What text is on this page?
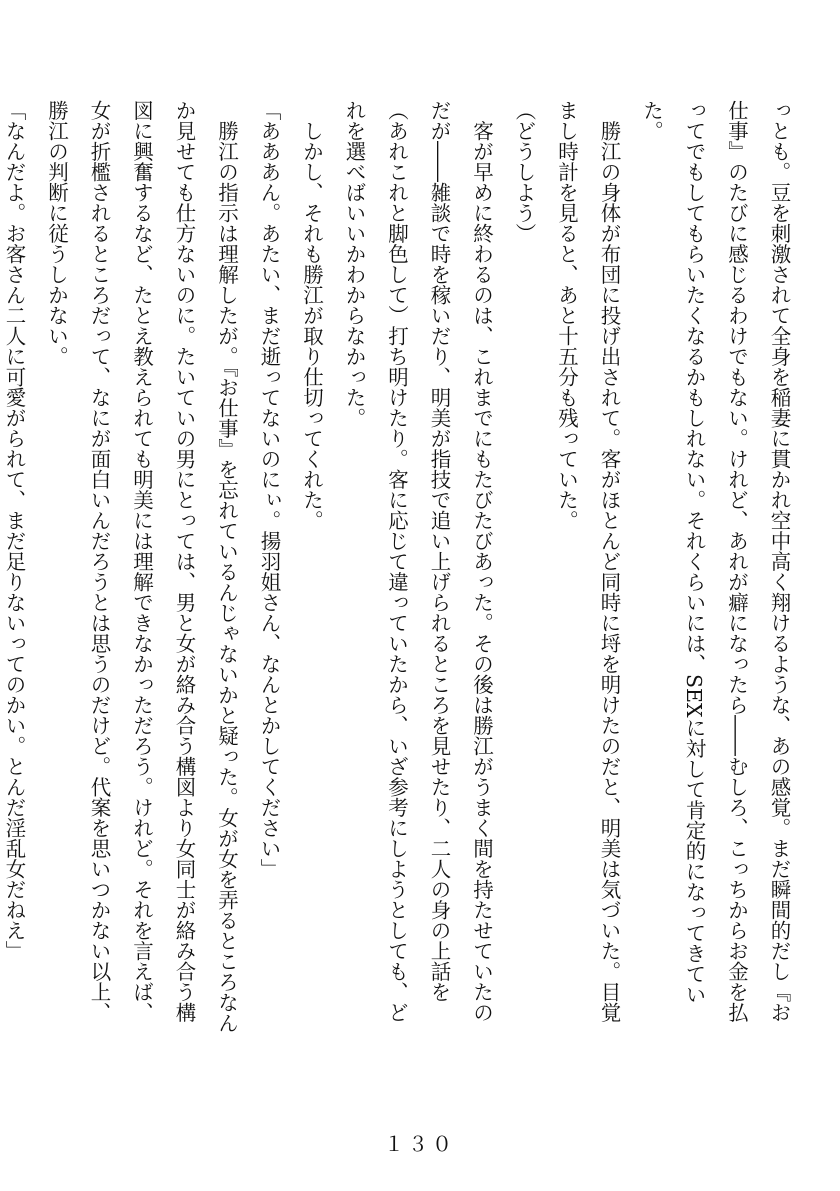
っとも。豆を刺激されて全身を稲妻に貫かれ空中高く翔けるような、あの感覚。まだ瞬間的だし『お仕事』のたびに感じるわけでもない。けれど、あれが癖になったら――むしろ、こっちからお金を払ってでもしてもらいたくなるかもしれない。それくらいには、SEXに対して肯定的になってきていた。

　勝江の身体が布団に投げ出されて。客がほとんど同時に埒を明けたのだと、明美は気づいた。目覚まし時計を見ると、あと十五分も残っていた。

（どうしよう）

　客が早めに終わるのは、これまでにもたびたびあった。その後は勝江がうまく間を持たせていたのだが――雑談で時を稼いだり、明美が指技で追い上げられるところを見せたり、二人の身の上話を（あれこれと脚色して）打ち明けたり。客に応じて違っていたから、いざ参考にしようとしても、どれを選べばいいかわからなかった。

　しかし、それも勝江が取り仕切ってくれた。

「あああん。あたい、まだ逝ってないのにぃ。揚羽姐さん、なんとかしてください」

　勝江の指示は理解したが。『お仕事』を忘れているんじゃないかと疑った。女が女を弄るところなんか見せても仕方ないのに。たいていの男にとっては、男と女が絡み合う構図より女同士が絡み合う構図に興奮するなど、たとえ教えられても明美には理解できなかっただろう。けれど。それを言えば、女が折檻されるところだって、なにが面白いんだろうとは思うのだけど。代案を思いつかない以上、勝江の判断に従うしかない。

「なんだよ。お客さん二人に可愛がられて、まだ足りないってのかい。とんだ淫乱女だねえ」

１３０
